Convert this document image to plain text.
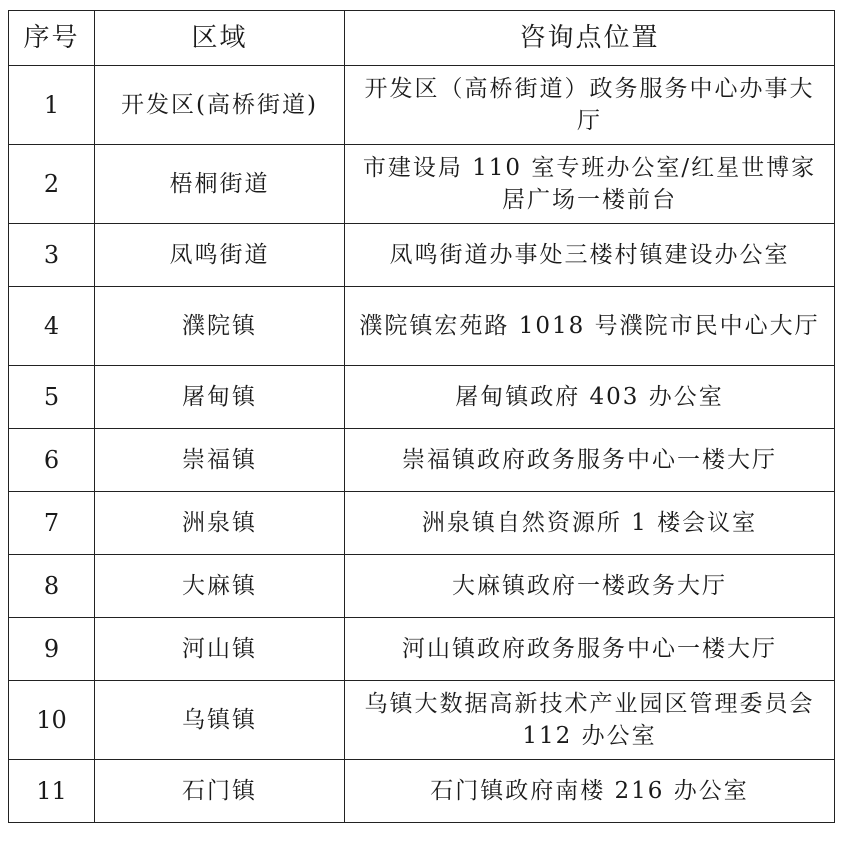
序号	区域	咨询点位置
1	开发区(高桥街道)	开发区（高桥街道）政务服务中心办事大厅
2	梧桐街道	市建设局 110 室专班办公室/红星世博家居广场一楼前台
3	凤鸣街道	凤鸣街道办事处三楼村镇建设办公室
4	濮院镇	濮院镇宏苑路 1018 号濮院市民中心大厅
5	屠甸镇	屠甸镇政府 403 办公室
6	崇福镇	崇福镇政府政务服务中心一楼大厅
7	洲泉镇	洲泉镇自然资源所 1 楼会议室
8	大麻镇	大麻镇政府一楼政务大厅
9	河山镇	河山镇政府政务服务中心一楼大厅
10	乌镇镇	乌镇大数据高新技术产业园区管理委员会 112 办公室
11	石门镇	石门镇政府南楼 216 办公室
